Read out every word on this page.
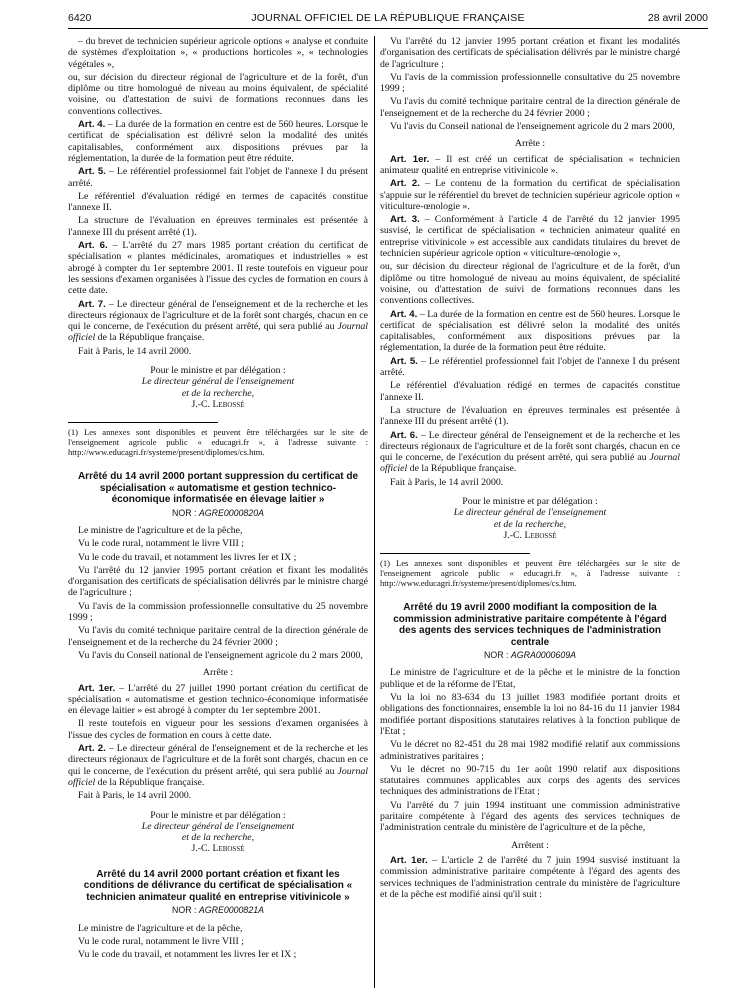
6420	JOURNAL OFFICIEL DE LA RÉPUBLIQUE FRANÇAISE	28 avril 2000

– du brevet de technicien supérieur agricole options « analyse et conduite de systèmes d'exploitation », « productions horticoles », « technologies végétales »,

ou, sur décision du directeur régional de l'agriculture et de la forêt, d'un diplôme ou titre homologué de niveau au moins équivalent, de spécialité voisine, ou d'attestation de suivi de formations reconnues dans les conventions collectives.

Art. 4. – La durée de la formation en centre est de 560 heures. Lorsque le certificat de spécialisation est délivré selon la modalité des unités capitalisables, conformément aux dispositions prévues par la réglementation, la durée de la formation peut être réduite.

Art. 5. – Le référentiel professionnel fait l'objet de l'annexe I du présent arrêté.

Le référentiel d'évaluation rédigé en termes de capacités constitue l'annexe II.

La structure de l'évaluation en épreuves terminales est présentée à l'annexe III du présent arrêté (1).

Art. 6. – L'arrêté du 27 mars 1985 portant création du certificat de spécialisation « plantes médicinales, aromatiques et industrielles » est abrogé à compter du 1er septembre 2001. Il reste toutefois en vigueur pour les sessions d'examen organisées à l'issue des cycles de formation en cours à cette date.

Art. 7. – Le directeur général de l'enseignement et de la recherche et les directeurs régionaux de l'agriculture et de la forêt sont chargés, chacun en ce qui le concerne, de l'exécution du présent arrêté, qui sera publié au Journal officiel de la République française.

Fait à Paris, le 14 avril 2000.

Pour le ministre et par délégation :

Le directeur général de l'enseignement

et de la recherche,

J.-C. Lebossé

(1) Les annexes sont disponibles et peuvent être téléchargées sur le site de l'enseignement agricole public « educagri.fr », à l'adresse suivante : http://www.educagri.fr/systeme/present/diplomes/cs.htm.

Arrêté du 14 avril 2000 portant suppression du certificat de spécialisation « automatisme et gestion technico-économique informatisée en élevage laitier »

NOR : AGRE0000820A

Le ministre de l'agriculture et de la pêche,

Vu le code rural, notamment le livre VIII ;

Vu le code du travail, et notamment les livres Ier et IX ;

Vu l'arrêté du 12 janvier 1995 portant création et fixant les modalités d'organisation des certificats de spécialisation délivrés par le ministre chargé de l'agriculture ;

Vu l'avis de la commission professionnelle consultative du 25 novembre 1999 ;

Vu l'avis du comité technique paritaire central de la direction générale de l'enseignement et de la recherche du 24 février 2000 ;

Vu l'avis du Conseil national de l'enseignement agricole du 2 mars 2000,

Arrête :

Art. 1er. – L'arrêté du 27 juillet 1990 portant création du certificat de spécialisation « automatisme et gestion technico-économique informatisée en élevage laitier » est abrogé à compter du 1er septembre 2001.

Il reste toutefois en vigueur pour les sessions d'examen organisées à l'issue des cycles de formation en cours à cette date.

Art. 2. – Le directeur général de l'enseignement et de la recherche et les directeurs régionaux de l'agriculture et de la forêt sont chargés, chacun en ce qui le concerne, de l'exécution du présent arrêté, qui sera publié au Journal officiel de la République française.

Fait à Paris, le 14 avril 2000.

Pour le ministre et par délégation :

Le directeur général de l'enseignement

et de la recherche,

J.-C. Lebossé

Arrêté du 14 avril 2000 portant création et fixant les conditions de délivrance du certificat de spécialisation « technicien animateur qualité en entreprise vitivinicole »

NOR : AGRE0000821A

Le ministre de l'agriculture et de la pêche,

Vu le code rural, notamment le livre VIII ;

Vu le code du travail, et notamment les livres Ier et IX ;

Vu l'arrêté du 12 janvier 1995 portant création et fixant les modalités d'organisation des certificats de spécialisation délivrés par le ministre chargé de l'agriculture ;

Vu l'avis de la commission professionnelle consultative du 25 novembre 1999 ;

Vu l'avis du comité technique paritaire central de la direction générale de l'enseignement et de la recherche du 24 février 2000 ;

Vu l'avis du Conseil national de l'enseignement agricole du 2 mars 2000,

Arrête :

Art. 1er. – Il est créé un certificat de spécialisation « technicien animateur qualité en entreprise vitivinicole ».

Art. 2. – Le contenu de la formation du certificat de spécialisation s'appuie sur le référentiel du brevet de technicien supérieur agricole option « viticulture-œnologie ».

Art. 3. – Conformément à l'article 4 de l'arrêté du 12 janvier 1995 susvisé, le certificat de spécialisation « technicien animateur qualité en entreprise vitivinicole » est accessible aux candidats titulaires du brevet de technicien supérieur agricole option « viticulture-œnologie »,

ou, sur décision du directeur régional de l'agriculture et de la forêt, d'un diplôme ou titre homologué de niveau au moins équivalent, de spécialité voisine, ou d'attestation de suivi de formations reconnues dans les conventions collectives.

Art. 4. – La durée de la formation en centre est de 560 heures. Lorsque le certificat de spécialisation est délivré selon la modalité des unités capitalisables, conformément aux dispositions prévues par la réglementation, la durée de la formation peut être réduite.

Art. 5. – Le référentiel professionnel fait l'objet de l'annexe I du présent arrêté.

Le référentiel d'évaluation rédigé en termes de capacités constitue l'annexe II.

La structure de l'évaluation en épreuves terminales est présentée à l'annexe III du présent arrêté (1).

Art. 6. – Le directeur général de l'enseignement et de la recherche et les directeurs régionaux de l'agriculture et de la forêt sont chargés, chacun en ce qui le concerne, de l'exécution du présent arrêté, qui sera publié au Journal officiel de la République française.

Fait à Paris, le 14 avril 2000.

Pour le ministre et par délégation :

Le directeur général de l'enseignement

et de la recherche,

J.-C. Lebossé

(1) Les annexes sont disponibles et peuvent être téléchargées sur le site de l'enseignement agricole public « educagri.fr », à l'adresse suivante : http://www.educagri.fr/systeme/present/diplomes/cs.htm.

Arrêté du 19 avril 2000 modifiant la composition de la commission administrative paritaire compétente à l'égard des agents des services techniques de l'administration centrale

NOR : AGRA0000609A

Le ministre de l'agriculture et de la pêche et le ministre de la fonction publique et de la réforme de l'Etat,

Vu la loi no 83-634 du 13 juillet 1983 modifiée portant droits et obligations des fonctionnaires, ensemble la loi no 84-16 du 11 janvier 1984 modifiée portant dispositions statutaires relatives à la fonction publique de l'Etat ;

Vu le décret no 82-451 du 28 mai 1982 modifié relatif aux commissions administratives paritaires ;

Vu le décret no 90-715 du 1er août 1990 relatif aux dispositions statutaires communes applicables aux corps des agents des services techniques des administrations de l'Etat ;

Vu l'arrêté du 7 juin 1994 instituant une commission administrative paritaire compétente à l'égard des agents des services techniques de l'administration centrale du ministère de l'agriculture et de la pêche,

Arrêtent :

Art. 1er. – L'article 2 de l'arrêté du 7 juin 1994 susvisé instituant la commission administrative paritaire compétente à l'égard des agents des services techniques de l'administration centrale du ministère de l'agriculture et de la pêche est modifié ainsi qu'il suit :
